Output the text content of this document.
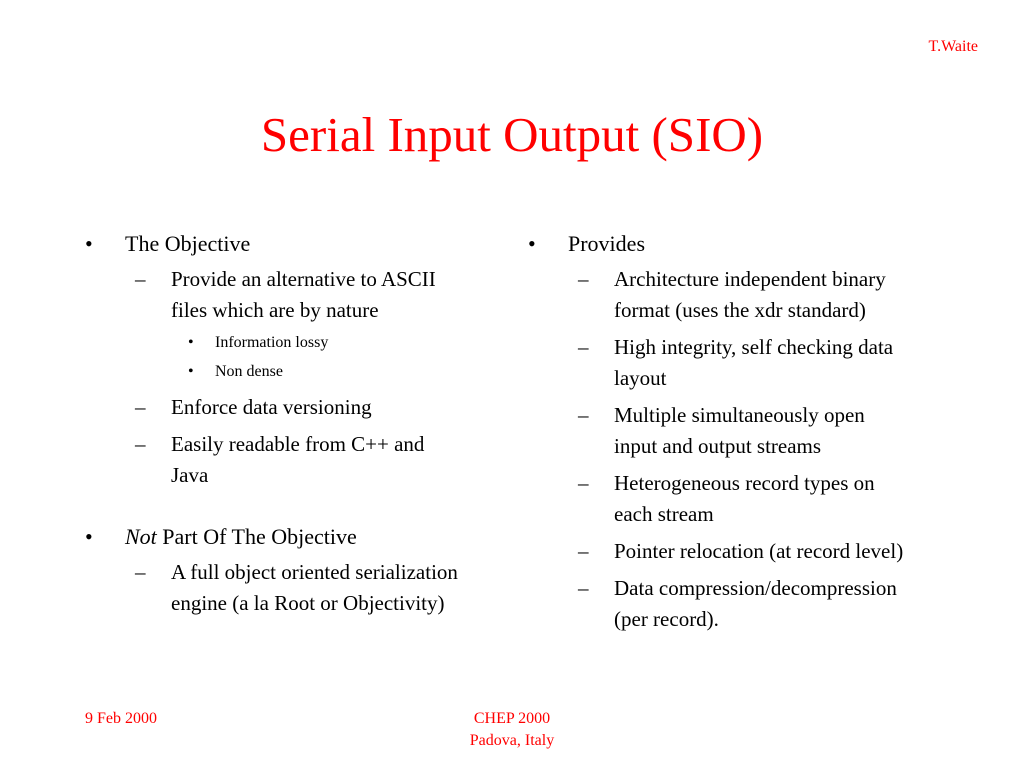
T.Waite
Serial Input Output (SIO)
• The Objective
– Provide an alternative to ASCII files which are by nature
• Information lossy
• Non dense
– Enforce data versioning
– Easily readable from C++ and Java
• Not Part Of The Objective
– A full object oriented serialization engine (a la Root or Objectivity)
• Provides
– Architecture independent binary format (uses the xdr standard)
– High integrity, self checking data layout
– Multiple simultaneously open input and output streams
– Heterogeneous record types on each stream
– Pointer relocation (at record level)
– Data compression/decompression (per record).
9 Feb 2000	CHEP 2000
Padova, Italy
